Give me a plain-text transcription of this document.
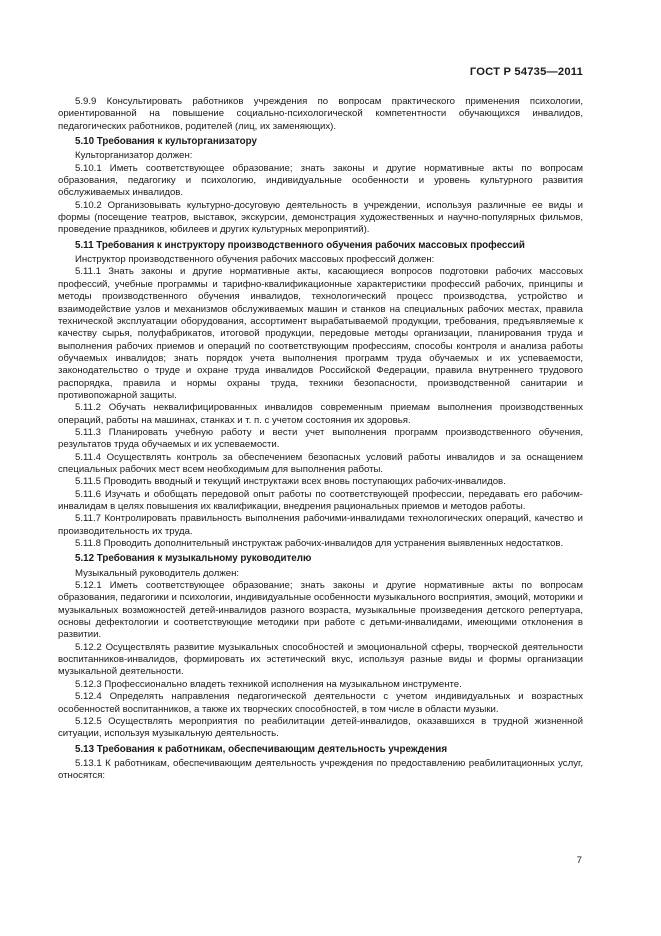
ГОСТ Р 54735—2011

5.9.9 Консультировать работников учреждения по вопросам практического применения психологии, ориентированной на повышение социально-психологической компетентности обучающихся инвалидов, педагогических работников, родителей (лиц, их заменяющих).

5.10 Требования к культорганизатору

Культорганизатор должен:

5.10.1 Иметь соответствующее образование; знать законы и другие нормативные акты по вопросам образования, педагогику и психологию, индивидуальные особенности и уровень культурного развития обслуживаемых инвалидов.

5.10.2 Организовывать культурно-досуговую деятельность в учреждении, используя различные ее виды и формы (посещение театров, выставок, экскурсии, демонстрация художественных и научно-популярных фильмов, проведение праздников, юбилеев и других культурных мероприятий).

5.11 Требования к инструктору производственного обучения рабочих массовых профессий

Инструктор производственного обучения рабочих массовых профессий должен:

5.11.1 Знать законы и другие нормативные акты, касающиеся вопросов подготовки рабочих массовых профессий, учебные программы и тарифно-квалификационные характеристики профессий рабочих, принципы и методы производственного обучения инвалидов, технологический процесс производства, устройство и взаимодействие узлов и механизмов обслуживаемых машин и станков на специальных рабочих местах, правила технической эксплуатации оборудования, ассортимент вырабатываемой продукции, требования, предъявляемые к качеству сырья, полуфабрикатов, итоговой продукции, передовые методы организации, планирования труда и выполнения рабочих приемов и операций по соответствующим профессиям, способы контроля и анализа работы обучаемых инвалидов; знать порядок учета выполнения программ труда обучаемых и их успеваемости, законодательство о труде и охране труда инвалидов Российской Федерации, правила внутреннего трудового распорядка, правила и нормы охраны труда, техники безопасности, производственной санитарии и противопожарной защиты.

5.11.2 Обучать неквалифицированных инвалидов современным приемам выполнения производственных операций, работы на машинах, станках и т. п. с учетом состояния их здоровья.

5.11.3 Планировать учебную работу и вести учет выполнения программ производственного обучения, результатов труда обучаемых и их успеваемости.

5.11.4 Осуществлять контроль за обеспечением безопасных условий работы инвалидов и за оснащением специальных рабочих мест всем необходимым для выполнения работы.

5.11.5 Проводить вводный и текущий инструктажи всех вновь поступающих рабочих-инвалидов.

5.11.6 Изучать и обобщать передовой опыт работы по соответствующей профессии, передавать его рабочим-инвалидам в целях повышения их квалификации, внедрения рациональных приемов и методов работы.

5.11.7 Контролировать правильность выполнения рабочими-инвалидами технологических операций, качество и производительность их труда.

5.11.8 Проводить дополнительный инструктаж рабочих-инвалидов для устранения выявленных недостатков.

5.12 Требования к музыкальному руководителю

Музыкальный руководитель должен:

5.12.1 Иметь соответствующее образование; знать законы и другие нормативные акты по вопросам образования, педагогики и психологии, индивидуальные особенности музыкального восприятия, эмоций, моторики и музыкальных возможностей детей-инвалидов разного возраста, музыкальные произведения детского репертуара, основы дефектологии и соответствующие методики при работе с детьми-инвалидами, имеющими отклонения в развитии.

5.12.2 Осуществлять развитие музыкальных способностей и эмоциональной сферы, творческой деятельности воспитанников-инвалидов, формировать их эстетический вкус, используя разные виды и формы организации музыкальной деятельности.

5.12.3 Профессионально владеть техникой исполнения на музыкальном инструменте.

5.12.4 Определять направления педагогической деятельности с учетом индивидуальных и возрастных особенностей воспитанников, а также их творческих способностей, в том числе в области музыки.

5.12.5 Осуществлять мероприятия по реабилитации детей-инвалидов, оказавшихся в трудной жизненной ситуации, используя музыкальную деятельность.

5.13 Требования к работникам, обеспечивающим деятельность учреждения

5.13.1 К работникам, обеспечивающим деятельность учреждения по предоставлению реабилитационных услуг, относятся:

7
